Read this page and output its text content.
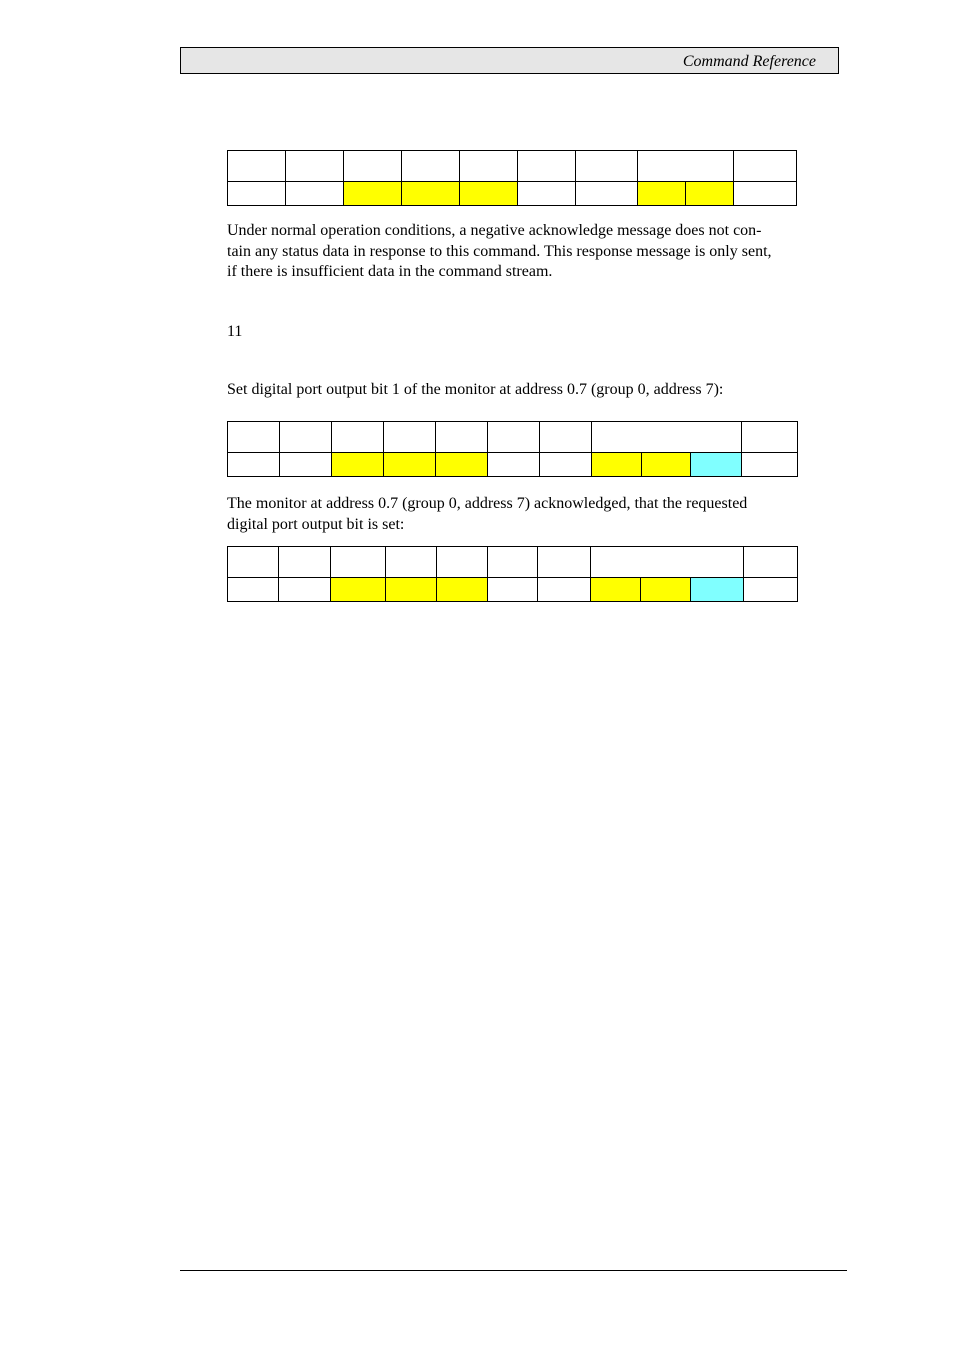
Command Reference

Under normal operation conditions, a negative acknowledge message does not con-
tain any status data in response to this command. This response message is only sent,
if there is insufficient data in the command stream.

11

Set digital port output bit 1 of the monitor at address 0.7 (group 0, address 7):

The monitor at address 0.7 (group 0, address 7) acknowledged, that the requested
digital port output bit is set:
